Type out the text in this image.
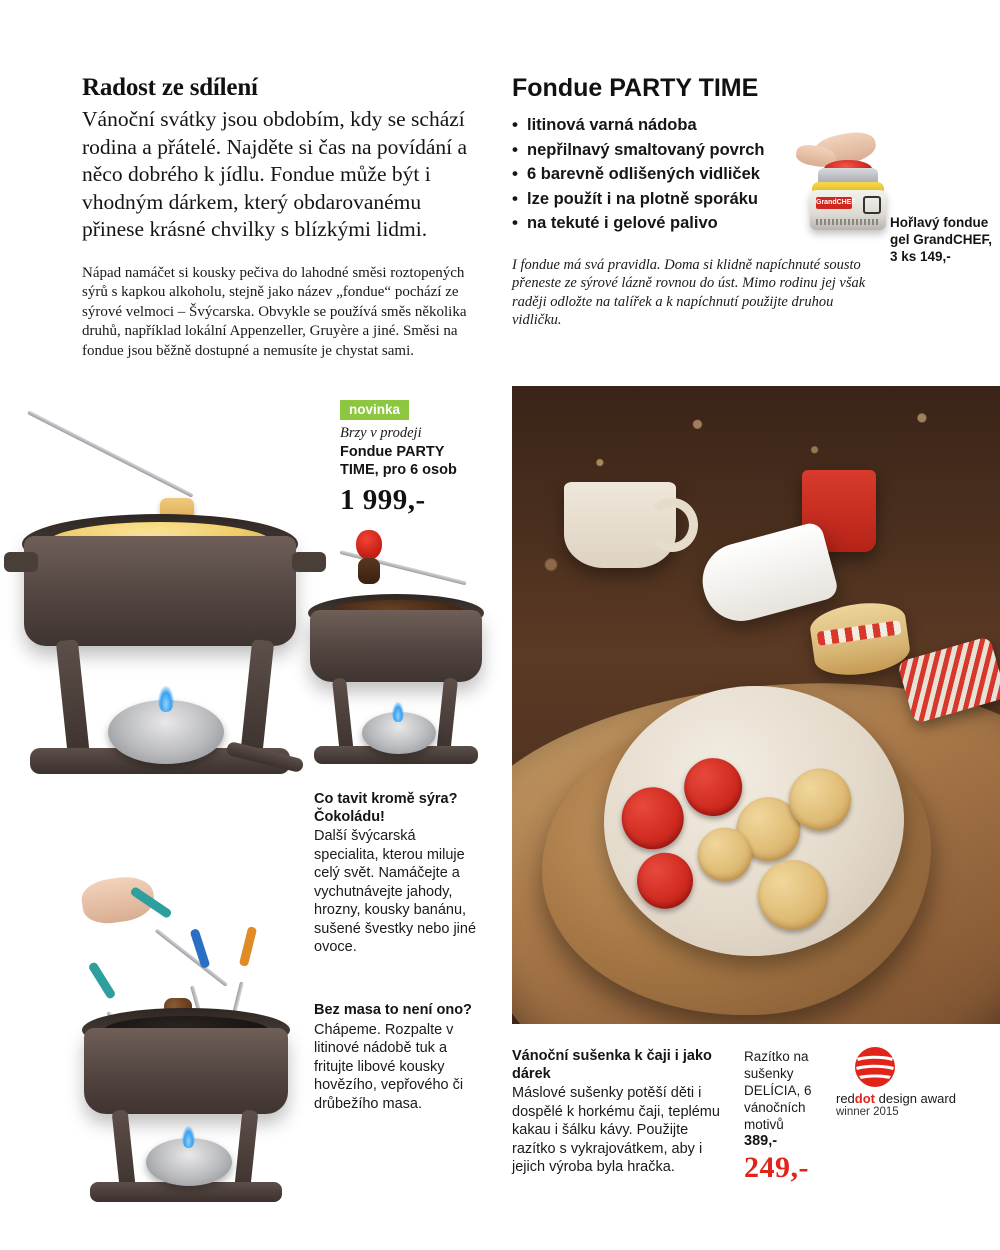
Radost ze sdílení

Vánoční svátky jsou obdobím, kdy se schází rodina a přátelé. Najděte si čas na povídání a něco dobrého k jídlu. Fondue může být i vhodným dárkem, který obdarovanému přinese krásné chvilky s blízkými lidmi.

Nápad namáčet si kousky pečiva do lahodné směsi roztopených sýrů s kapkou alkoholu, stejně jako název „fondue“ pochází ze sýrové velmoci – Švýcarska. Obvykle se používá směs několika druhů, například lokální Appenzeller, Gruyère a jiné. Směsi na fondue jsou běžně dostupné a nemusíte je chystat sami.

Fondue PARTY TIME
• litinová varná nádoba
• nepřilnavý smaltovaný povrch
• 6 barevně odlišených vidliček
• lze použít i na plotně sporáku
• na tekuté i gelové palivo

I fondue má svá pravidla. Doma si klidně napíchnuté sousto přeneste ze sýrové lázně rovnou do úst. Mimo rodinu jej však raději odložte na talířek a k napíchnutí použijte druhou vidličku.

GrandCHEF
Hořlavý fondue gel GrandCHEF, 3 ks 149,-
novinka
Brzy v prodeji
Fondue PARTY TIME, pro 6 osob
1 999,-
Co tavit kromě sýra? Čokoládu!
Další švýcarská specialita, kterou miluje celý svět. Namáčejte a vychutnávejte jahody, hrozny, kousky banánu, sušené švestky nebo jiné ovoce.
Bez masa to není ono?
Chápeme. Rozpalte v litinové nádobě tuk a fritujte libové kousky hovězího, vepřového či drůbežího masa.
Vánoční sušenka k čaji i jako dárek
Máslové sušenky potěší děti i dospělé k horkému čaji, teplému kakau i šálku kávy. Použijte razítko s vykrajovátkem, aby i jejich výroba byla hračka.
Razítko na sušenky DELÍCIA, 6 vánočních motivů
389,-
249,-
reddot design award
winner 2015
